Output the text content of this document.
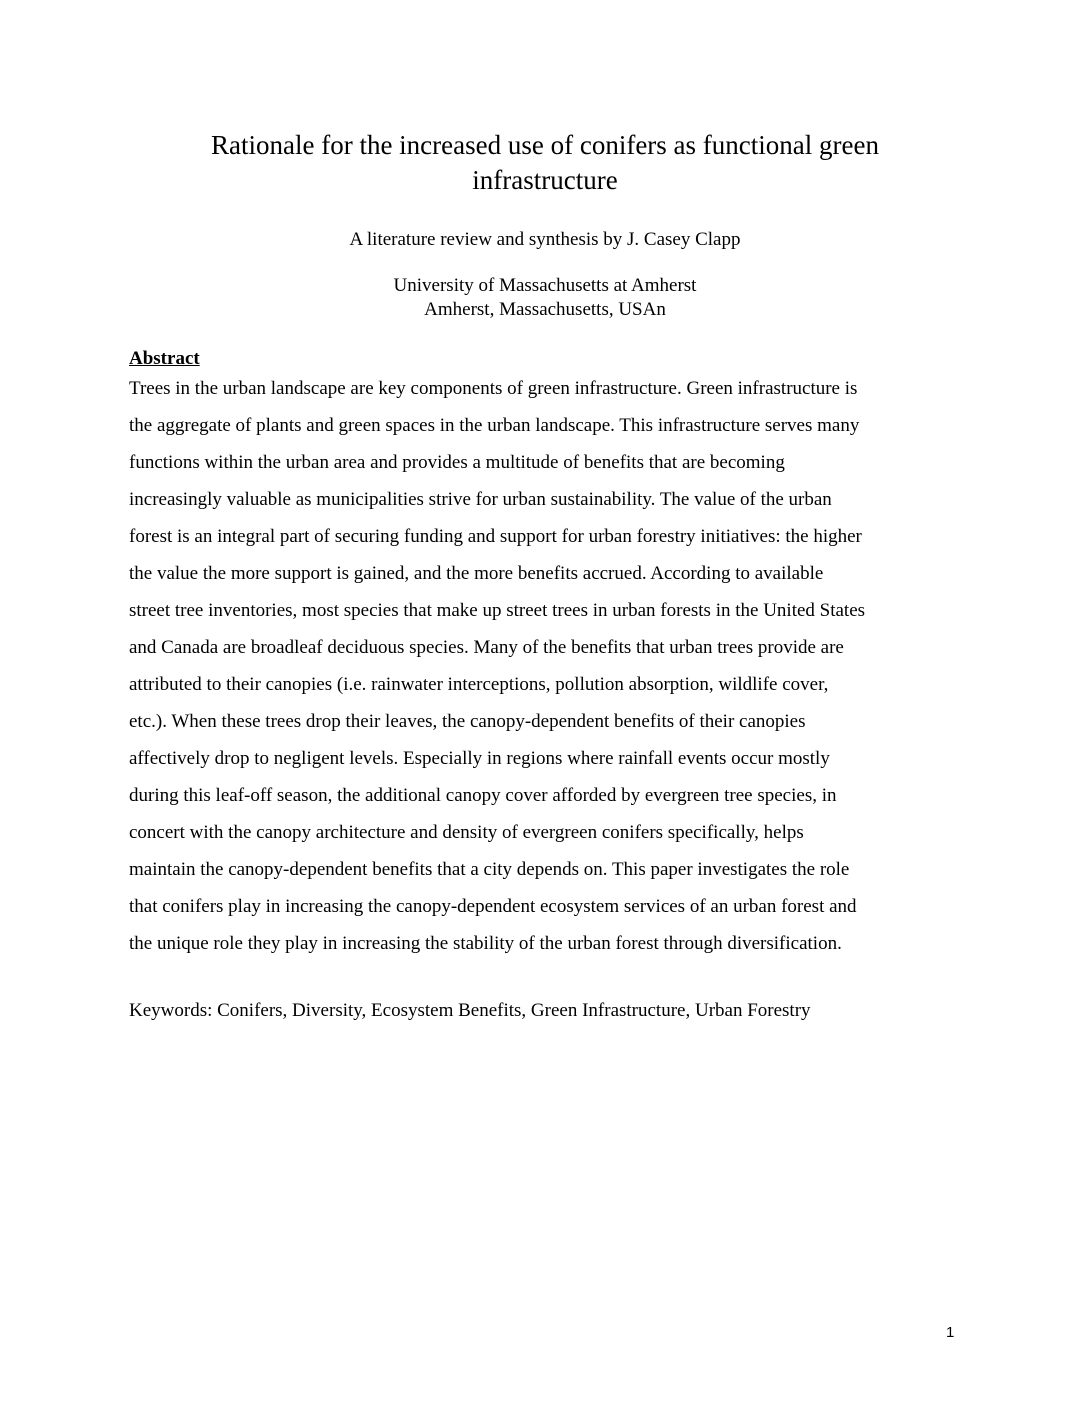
Rationale for the increased use of conifers as functional green
infrastructure
A literature review and synthesis by J. Casey Clapp
University of Massachusetts at Amherst
Amherst, Massachusetts, USAn
Abstract
Trees in the urban landscape are key components of green infrastructure. Green infrastructure is
the aggregate of plants and green spaces in the urban landscape. This infrastructure serves many
functions within the urban area and provides a multitude of benefits that are becoming
increasingly valuable as municipalities strive for urban sustainability. The value of the urban
forest is an integral part of securing funding and support for urban forestry initiatives: the higher
the value the more support is gained, and the more benefits accrued. According to available
street tree inventories, most species that make up street trees in urban forests in the United States
and Canada are broadleaf deciduous species. Many of the benefits that urban trees provide are
attributed to their canopies (i.e. rainwater interceptions, pollution absorption, wildlife cover,
etc.). When these trees drop their leaves, the canopy-dependent benefits of their canopies
affectively drop to negligent levels. Especially in regions where rainfall events occur mostly
during this leaf-off season, the additional canopy cover afforded by evergreen tree species, in
concert with the canopy architecture and density of evergreen conifers specifically, helps
maintain the canopy-dependent benefits that a city depends on. This paper investigates the role
that conifers play in increasing the canopy-dependent ecosystem services of an urban forest and
the unique role they play in increasing the stability of the urban forest through diversification.
Keywords: Conifers, Diversity, Ecosystem Benefits, Green Infrastructure, Urban Forestry
1
